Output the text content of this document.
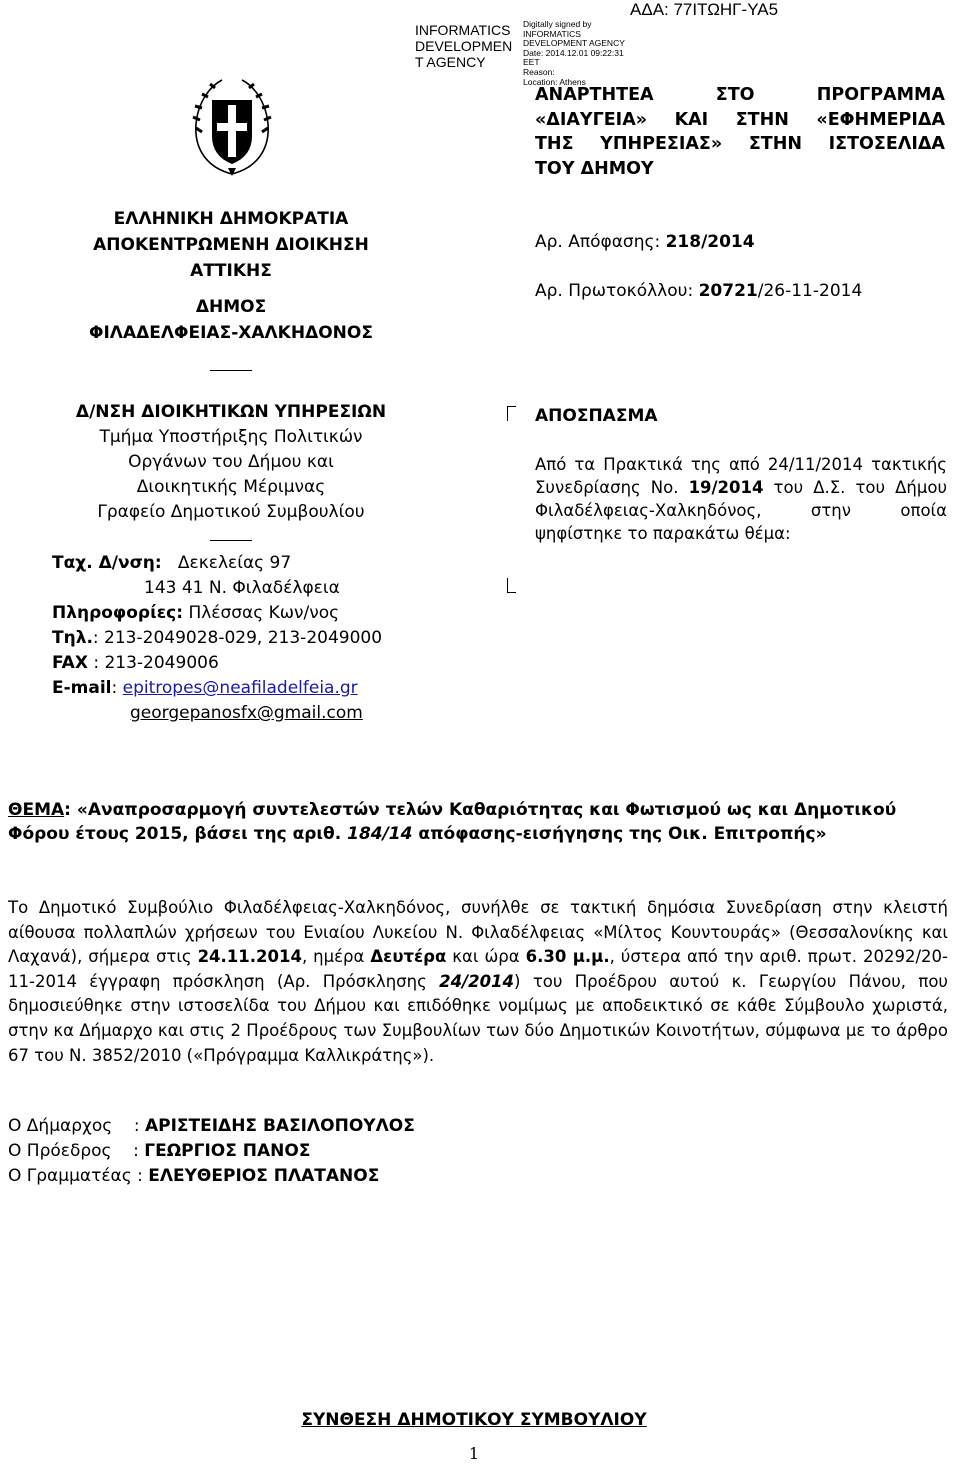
INFORMATICS
DEVELOPMEN
T AGENCY
Digitally signed by
INFORMATICS
DEVELOPMENT AGENCY
Date: 2014.12.01 09:22:31
EET
Reason:
Location: Athens
ΑΔΑ: 77ΙΤΩΗΓ-ΥΑ5
ΕΛΛΗΝΙΚΗ ΔΗΜΟΚΡΑΤΙΑ
ΑΠΟΚΕΝΤΡΩΜΕΝΗ ΔΙΟΙΚΗΣΗ
ΑΤΤΙΚΗΣ
ΔΗΜΟΣ
ΦΙΛΑΔΕΛΦΕΙΑΣ-ΧΑΛΚΗΔΟΝΟΣ
ΑΝΑΡΤΗΤΕΑ	ΣΤΟ	ΠΡΟΓΡΑΜΜΑ
«ΔΙΑΥΓΕΙΑ» ΚΑΙ ΣΤΗΝ «ΕΦΗΜΕΡΙΔΑ
ΤΗΣ ΥΠΗΡΕΣΙΑΣ» ΣΤΗΝ ΙΣΤΟΣΕΛΙΔΑ
ΤΟΥ ΔΗΜΟΥ
Αρ. Απόφασης: 218/2014
Αρ. Πρωτοκόλλου: 20721/26-11-2014
Δ/ΝΣΗ ΔΙΟΙΚΗΤΙΚΩΝ ΥΠΗΡΕΣΙΩΝ
Τμήμα Υποστήριξης Πολιτικών
Οργάνων του Δήμου και
Διοικητικής Μέριμνας
Γραφείο Δημοτικού Συμβουλίου
Ταχ. Δ/νση: Δεκελείας 97
143 41 Ν. Φιλαδέλφεια
Πληροφορίες: Πλέσσας Κων/νος
Τηλ.: 213-2049028-029, 213-2049000
FAX : 213-2049006
E-mail: epitropes@neafiladelfeia.gr
georgepanosfx@gmail.com
ΑΠΟΣΠΑΣΜΑ

Από τα Πρακτικά της από 24/11/2014 τακτικής Συνεδρίασης Νο. 19/2014 του Δ.Σ. του Δήμου Φιλαδέλφειας-Χαλκηδόνος, στην οποία ψηφίστηκε το παρακάτω θέμα:

ΘΕΜΑ: «Αναπροσαρμογή συντελεστών τελών Καθαριότητας και Φωτισμού ως και Δημοτικού Φόρου έτους 2015, βάσει της αριθ. 184/14 απόφασης-εισήγησης της Οικ. Επιτροπής»

Το Δημοτικό Συμβούλιο Φιλαδέλφειας-Χαλκηδόνος, συνήλθε σε τακτική δημόσια Συνεδρίαση στην κλειστή αίθουσα πολλαπλών χρήσεων του Ενιαίου Λυκείου Ν. Φιλαδέλφειας «Μίλτος Κουντουράς» (Θεσσαλονίκης και Λαχανά), σήμερα στις 24.11.2014, ημέρα Δευτέρα και ώρα 6.30 μ.μ., ύστερα από την αριθ. πρωτ. 20292/20-11-2014 έγγραφη πρόσκληση (Αρ. Πρόσκλησης 24/2014) του Προέδρου αυτού κ. Γεωργίου Πάνου, που δημοσιεύθηκε στην ιστοσελίδα του Δήμου και επιδόθηκε νομίμως με αποδεικτικό σε κάθε Σύμβουλο χωριστά, στην κα Δήμαρχο και στις 2 Προέδρους των Συμβουλίων των δύο Δημοτικών Κοινοτήτων, σύμφωνα με το άρθρο 67 του Ν. 3852/2010 («Πρόγραμμα Καλλικράτης»).

Ο Δήμαρχος    : ΑΡΙΣΤΕΙΔΗΣ ΒΑΣΙΛΟΠΟΥΛΟΣ
Ο Πρόεδρος    : ΓΕΩΡΓΙΟΣ ΠΑΝΟΣ
Ο Γραμματέας : ΕΛΕΥΘΕΡΙΟΣ ΠΛΑΤΑΝΟΣ
ΣΥΝΘΕΣΗ ΔΗΜΟΤΙΚΟΥ ΣΥΜΒΟΥΛΙΟΥ
1
